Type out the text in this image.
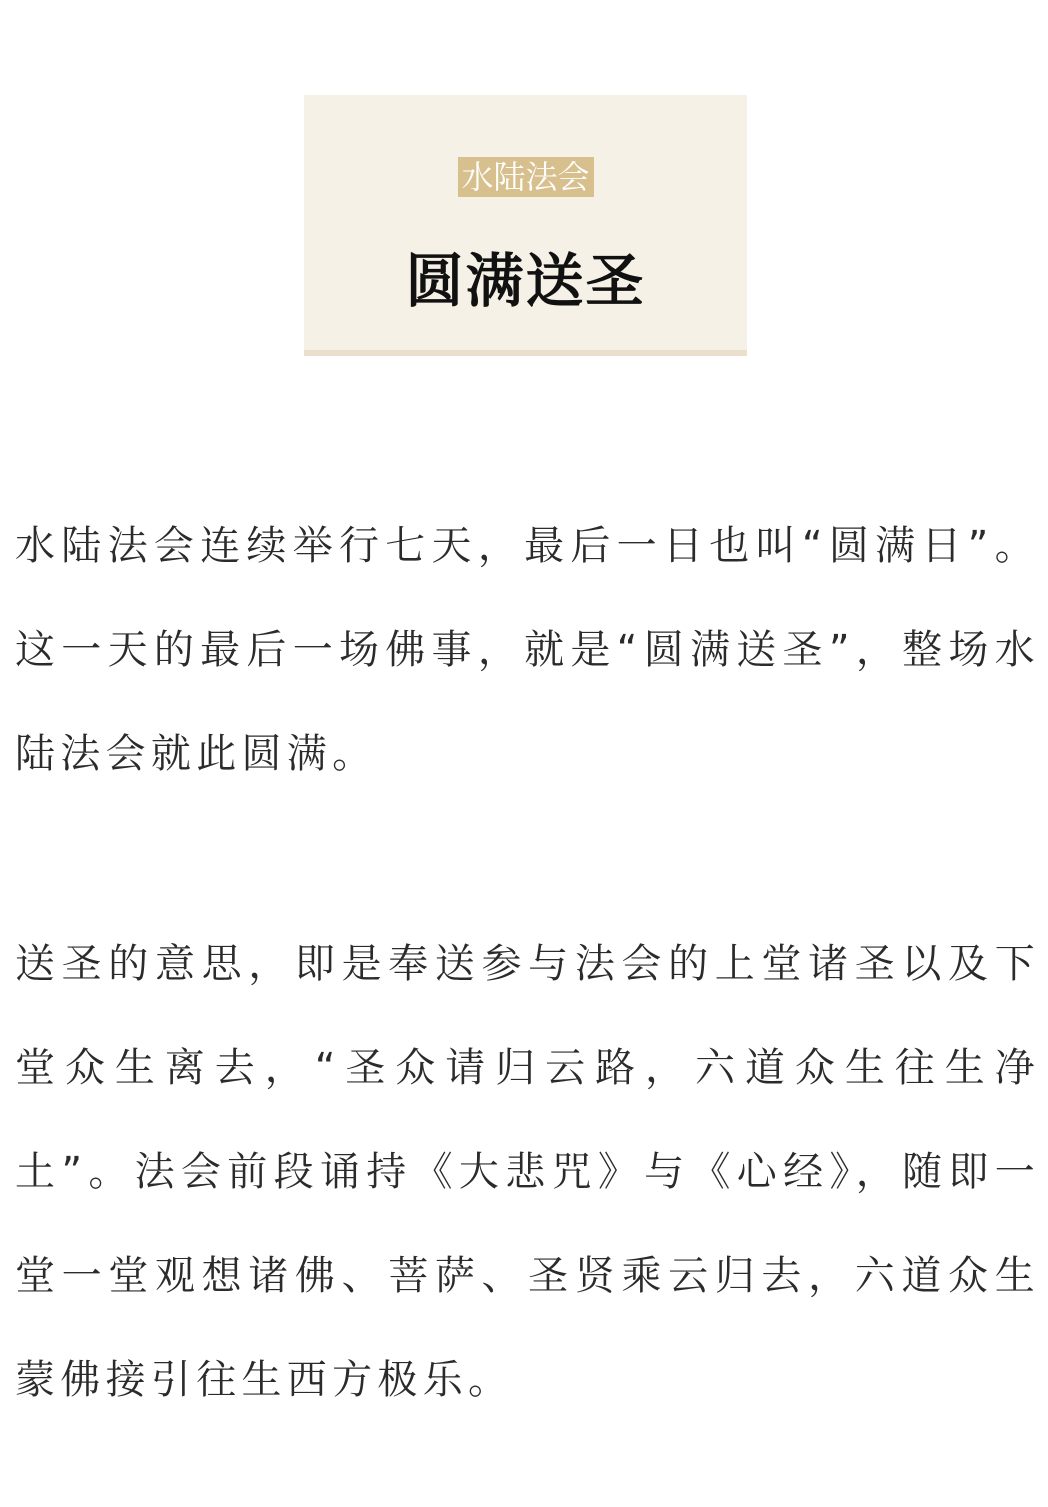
水陆法会
圆满送圣

水陆法会连续举行七天，最后一日也叫“圆满日”。这一天的最后一场佛事，就是“圆满送圣”，整场水陆法会就此圆满。

送圣的意思，即是奉送参与法会的上堂诸圣以及下堂众生离去，“圣众请归云路，六道众生往生净土”。法会前段诵持《大悲咒》与《心经》，随即一堂一堂观想诸佛、菩萨、圣贤乘云归去，六道众生蒙佛接引往生西方极乐。
